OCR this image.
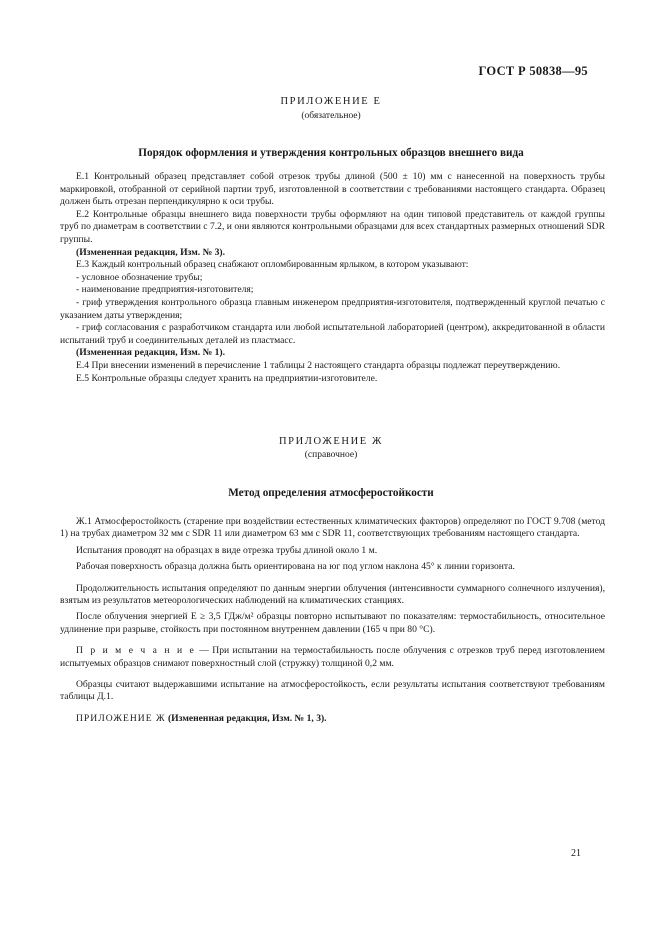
ГОСТ Р 50838—95
ПРИЛОЖЕНИЕ Е
(обязательное)
Порядок оформления и утверждения контрольных образцов внешнего вида

Е.1 Контрольный образец представляет собой отрезок трубы длиной (500 ± 10) мм с нанесенной на поверхность трубы маркировкой, отобранной от серийной партии труб, изготовленной в соответствии с требованиями настоящего стандарта. Образец должен быть отрезан перпендикулярно к оси трубы.

Е.2 Контрольные образцы внешнего вида поверхности трубы оформляют на один типовой представитель от каждой группы труб по диаметрам в соответствии с 7.2, и они являются контрольными образцами для всех стандартных размерных отношений SDR группы.

(Измененная редакция, Изм. № 3).

Е.3 Каждый контрольный образец снабжают опломбированным ярлыком, в котором указывают:

- условное обозначение трубы;

- наименование предприятия-изготовителя;

- гриф утверждения контрольного образца главным инженером предприятия-изготовителя, подтвержденный круглой печатью с указанием даты утверждения;

- гриф согласования с разработчиком стандарта или любой испытательной лабораторией (центром), аккредитованной в области испытаний труб и соединительных деталей из пластмасс.

(Измененная редакция, Изм. № 1).

Е.4 При внесении изменений в перечисление 1 таблицы 2 настоящего стандарта образцы подлежат переутверждению.

Е.5 Контрольные образцы следует хранить на предприятии-изготовителе.

ПРИЛОЖЕНИЕ Ж
(справочное)
Метод определения атмосферостойкости

Ж.1 Атмосферостойкость (старение при воздействии естественных климатических факторов) определяют по ГОСТ 9.708 (метод 1) на трубах диаметром 32 мм с SDR 11 или диаметром 63 мм с SDR 11, соответствующих требованиям настоящего стандарта.

Испытания проводят на образцах в виде отрезка трубы длиной около 1 м.

Рабочая поверхность образца должна быть ориентирована на юг под углом наклона 45° к линии горизонта.

Продолжительность испытания определяют по данным энергии облучения (интенсивности суммарного солнечного излучения), взятым из результатов метеорологических наблюдений на климатических станциях.

После облучения энергией E ≥ 3,5 ГДж/м² образцы повторно испытывают по показателям: термостабильность, относительное удлинение при разрыве, стойкость при постоянном внутреннем давлении (165 ч при 80 °С).

П р и м е ч а н и е — При испытании на термостабильность после облучения с отрезков труб перед изготовлением испытуемых образцов снимают поверхностный слой (стружку) толщиной 0,2 мм.

Образцы считают выдержавшими испытание на атмосферостойкость, если результаты испытания соответствуют требованиям таблицы Д.1.

ПРИЛОЖЕНИЕ Ж (Измененная редакция, Изм. № 1, 3).

21
